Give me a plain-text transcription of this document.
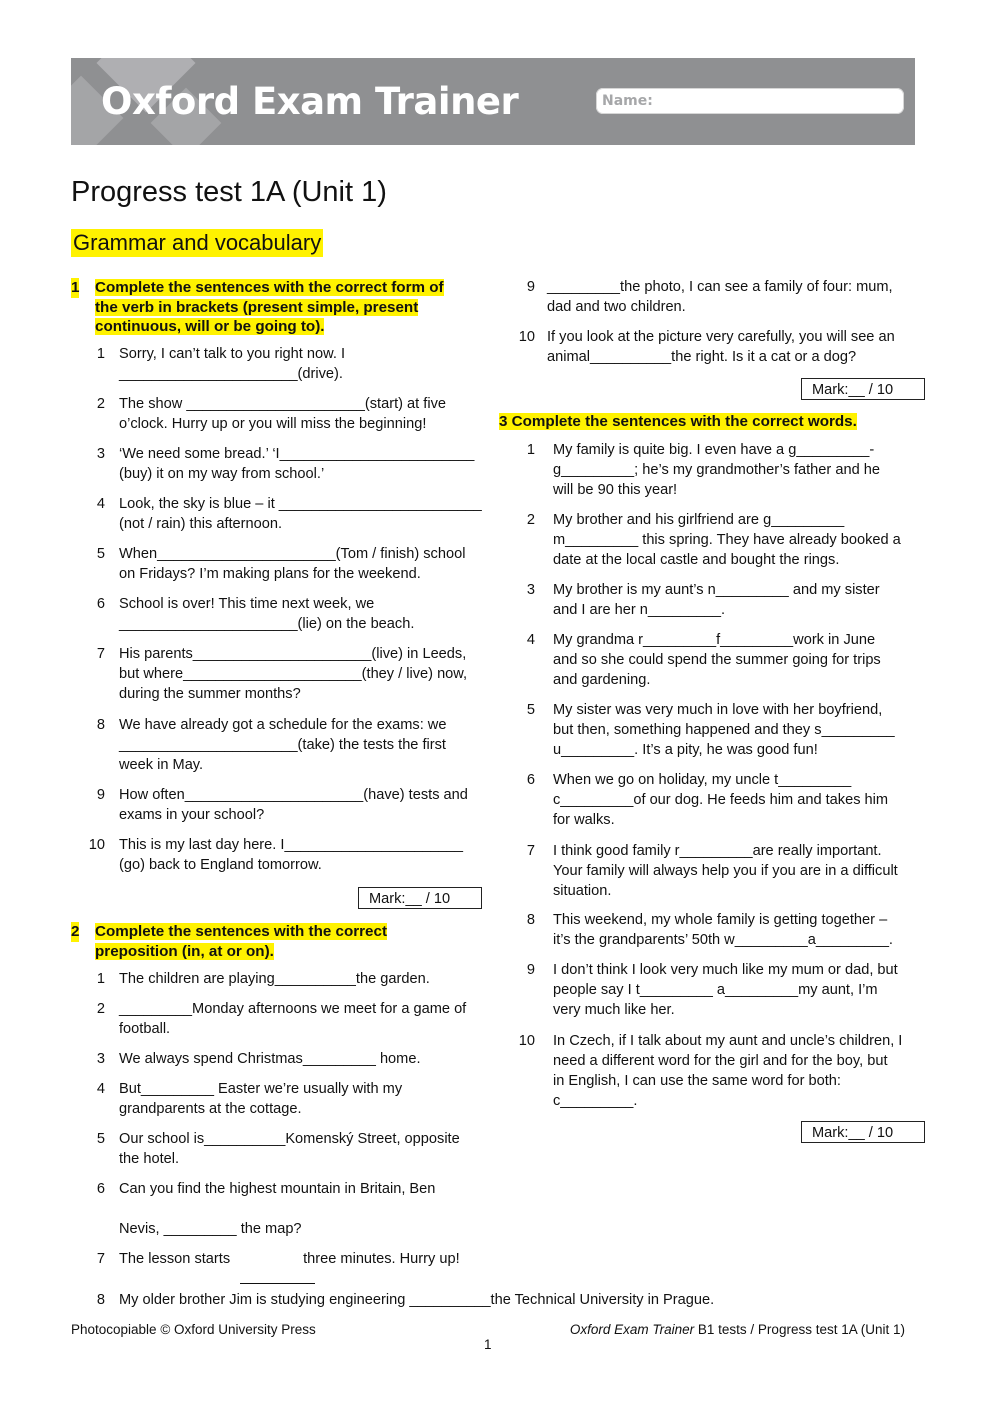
Oxford Exam Trainer	Name:
Progress test 1A (Unit 1)
Grammar and vocabulary
1 Complete the sentences with the correct form of
the verb in brackets (present simple, present
continuous, will or be going to).
1 Sorry, I can’t talk to you right now. I
______________________(drive).
2 The show ______________________(start) at five
o’clock. Hurry up or you will miss the beginning!
3 ‘We need some bread.’ ‘I________________________
(buy) it on my way from school.’
4 Look, the sky is blue – it _________________________
(not / rain) this afternoon.
5 When______________________(Tom / finish) school
on Fridays? I’m making plans for the weekend.
6 School is over! This time next week, we
______________________(lie) on the beach.
7 His parents______________________(live) in Leeds,
but where______________________(they / live) now,
during the summer months?
8 We have already got a schedule for the exams: we
______________________(take) the tests the first
week in May.
9 How often______________________(have) tests and
exams in your school?
10 This is my last day here. I______________________
(go) back to England tomorrow.
Mark:__ / 10
2 Complete the sentences with the correct
preposition (in, at or on).
1 The children are playing__________the garden.
2 _________Monday afternoons we meet for a game of
football.
3 We always spend Christmas_________ home.
4 But_________ Easter we’re usually with my
grandparents at the cottage.
5 Our school is__________Komenský Street, opposite
the hotel.
6 Can you find the highest mountain in Britain, Ben
Nevis, _________ the map?
7 The lesson starts                  three minutes. Hurry up!
8 My older brother Jim is studying engineering __________the Technical University in Prague.
9 _________the photo, I can see a family of four: mum,
dad and two children.
10 If you look at the picture very carefully, you will see an
animal__________the right. Is it a cat or a dog?
Mark:__ / 10
3 Complete the sentences with the correct words.
1 My family is quite big. I even have a g_________-
g_________; he’s my grandmother’s father and he
will be 90 this year!
2 My brother and his girlfriend are g_________
m_________ this spring. They have already booked a
date at the local castle and bought the rings.
3 My brother is my aunt’s n_________ and my sister
and I are her n_________.
4 My grandma r_________f_________work in June
and so she could spend the summer going for trips
and gardening.
5 My sister was very much in love with her boyfriend,
but then, something happened and they s_________
u_________. It’s a pity, he was good fun!
6 When we go on holiday, my uncle t_________
c_________of our dog. He feeds him and takes him
for walks.
7 I think good family r_________are really important.
Your family will always help you if you are in a difficult
situation.
8 This weekend, my whole family is getting together –
it’s the grandparents’ 50th w_________a_________.
9 I don’t think I look very much like my mum or dad, but
people say I t_________ a_________my aunt, I’m
very much like her.
10 In Czech, if I talk about my aunt and uncle’s children, I
need a different word for the girl and for the boy, but
in English, I can use the same word for both:
c_________.
Mark:__ / 10
Photocopiable © Oxford University Press	Oxford Exam Trainer B1 tests / Progress test 1A (Unit 1)
1
